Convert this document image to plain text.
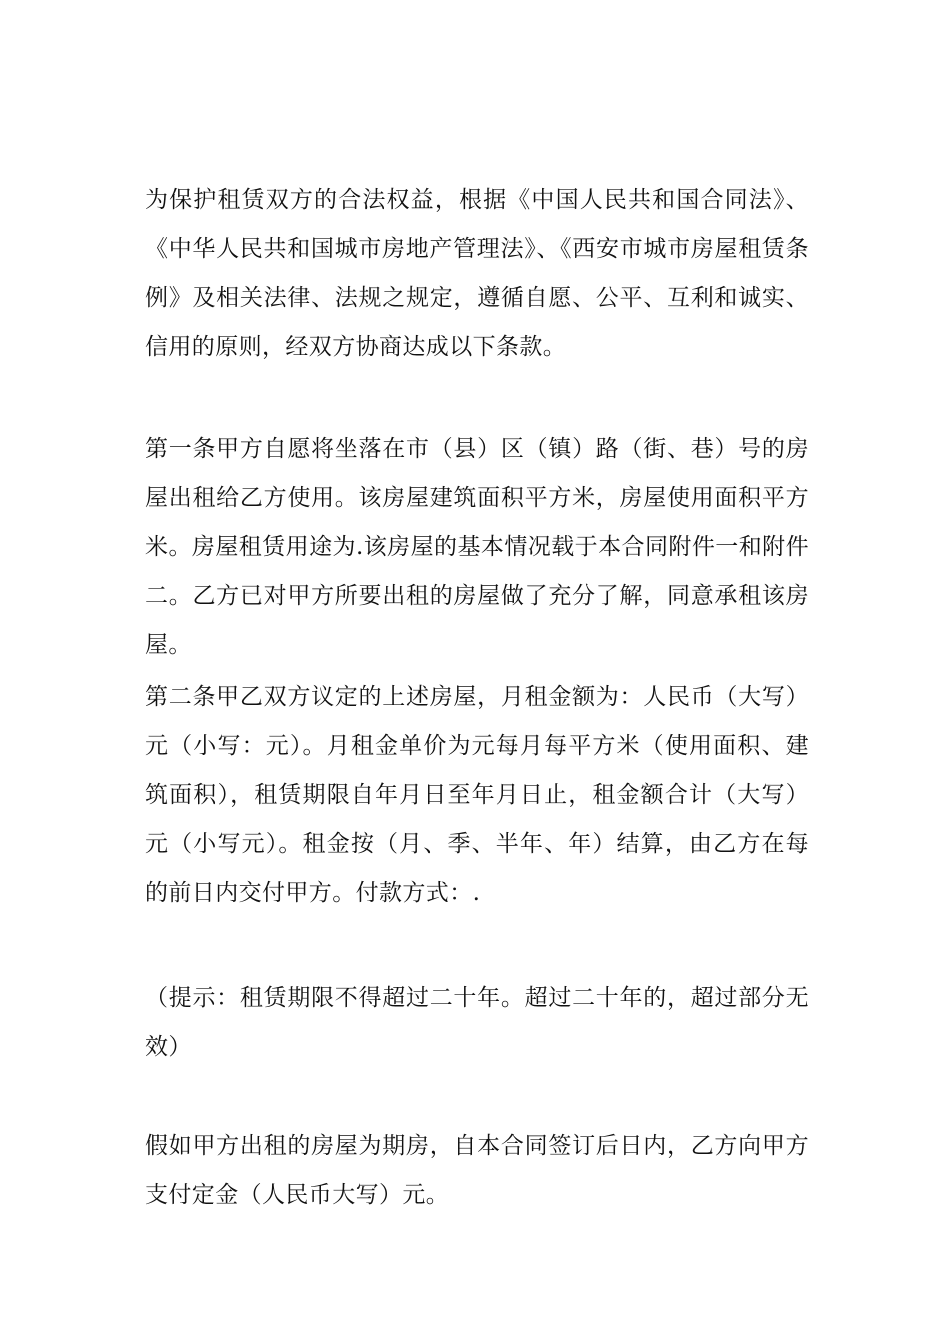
为保护租赁双方的合法权益，根据《中国人民共和国合同法》、《中华人民共和国城市房地产管理法》、《西安市城市房屋租赁条例》及相关法律、法规之规定，遵循自愿、公平、互利和诚实、信用的原则，经双方协商达成以下条款。

第一条甲方自愿将坐落在市（县）区（镇）路（街、巷）号的房屋出租给乙方使用。该房屋建筑面积平方米，房屋使用面积平方米。房屋租赁用途为.该房屋的基本情况载于本合同附件一和附件二。乙方已对甲方所要出租的房屋做了充分了解，同意承租该房屋。

第二条甲乙双方议定的上述房屋，月租金额为：人民币（大写）元（小写：元）。月租金单价为元每月每平方米（使用面积、建筑面积），租赁期限自年月日至年月日止，租金额合计（大写）元（小写元）。租金按（月、季、半年、年）结算，由乙方在每的前日内交付甲方。付款方式：.

（提示：租赁期限不得超过二十年。超过二十年的，超过部分无效）

假如甲方出租的房屋为期房，自本合同签订后日内，乙方向甲方支付定金（人民币大写）元。
